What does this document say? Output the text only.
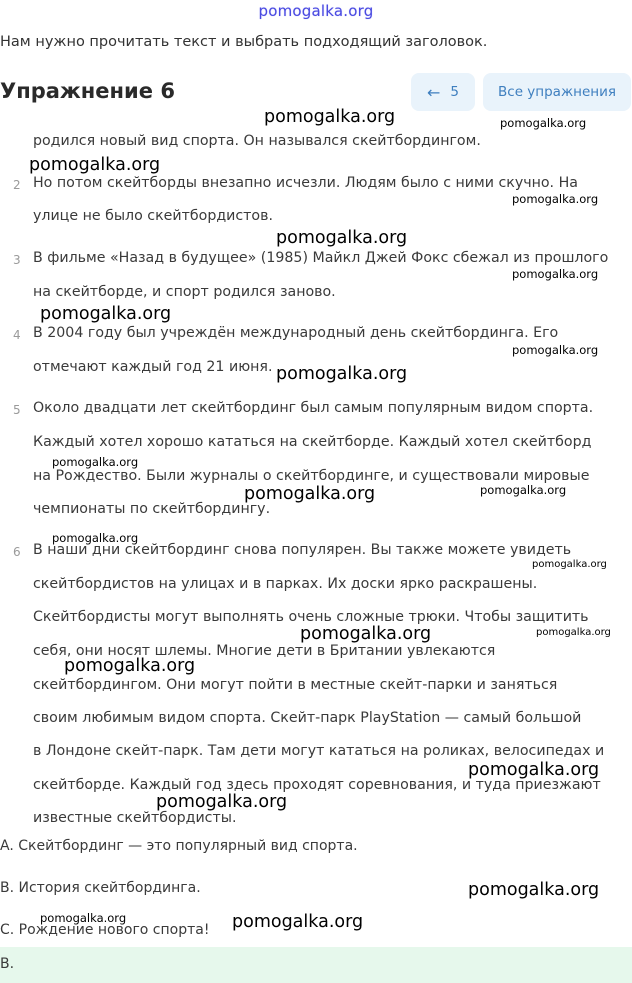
pomogalka.org
Нам нужно прочитать текст и выбрать подходящий заголовок.
Упражнение 6	← 5	Все упражнения
родился новый вид спорта. Он назывался скейтбордингом.
2 Но потом скейтборды внезапно исчезли. Людям было с ними скучно. На
улице не было скейтбордистов.
3 В фильме «Назад в будущее» (1985) Майкл Джей Фокс сбежал из прошлого
на скейтборде, и спорт родился заново.
4 В 2004 году был учреждён международный день скейтбординга. Его
отмечают каждый год 21 июня.
5 Около двадцати лет скейтбординг был самым популярным видом спорта.
Каждый хотел хорошо кататься на скейтборде. Каждый хотел скейтборд
на Рождество. Были журналы о скейтбординге, и существовали мировые
чемпионаты по скейтбордингу.
6 В наши дни скейтбординг снова популярен. Вы также можете увидеть
скейтбордистов на улицах и в парках. Их доски ярко раскрашены.
Скейтбордисты могут выполнять очень сложные трюки. Чтобы защитить
себя, они носят шлемы. Многие дети в Британии увлекаются
скейтбордингом. Они могут пойти в местные скейт-парки и заняться
своим любимым видом спорта. Скейт-парк PlayStation — самый большой
в Лондоне скейт-парк. Там дети могут кататься на роликах, велосипедах и
скейтборде. Каждый год здесь проходят соревнования, и туда приезжают
известные скейтбордисты.
A. Скейтбординг — это популярный вид спорта.
B. История скейтбординга.
C. Рождение нового спорта!
B.
pomogalka.org	pomogalka.org
pomogalka.org
pomogalka.org
pomogalka.org
pomogalka.org
pomogalka.org
pomogalka.org
pomogalka.org
pomogalka.org
pomogalka.org
pomogalka.org
pomogalka.org
pomogalka.org
pomogalka.org	pomogalka.org
pomogalka.org
pomogalka.org
pomogalka.org
pomogalka.org
pomogalka.org	pomogalka.org
